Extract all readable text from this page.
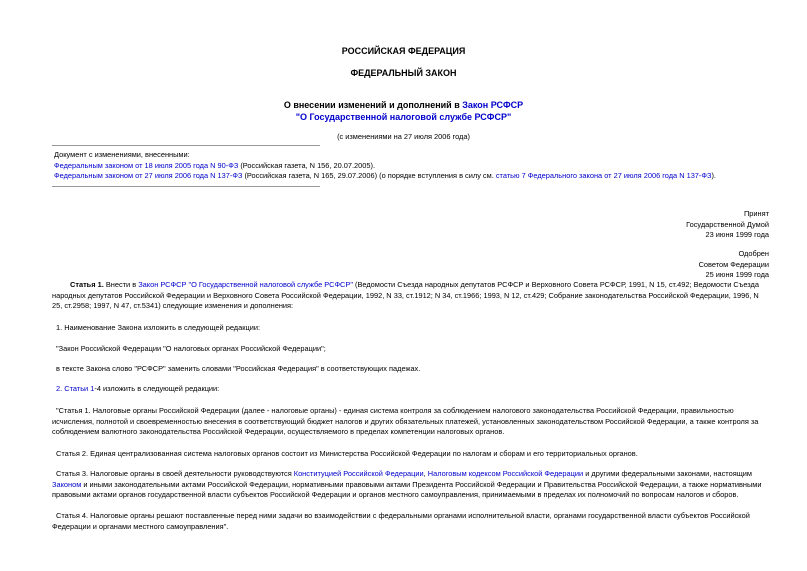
РОССИЙСКАЯ ФЕДЕРАЦИЯ
ФЕДЕРАЛЬНЫЙ ЗАКОН
О внесении изменений и дополнений в Закон РСФСР
"О Государственной налоговой службе РСФСР"
(с изменениями на 27 июля 2006 года)
Документ с изменениями, внесенными:
Федеральным законом от 18 июля 2005 года N 90-ФЗ (Российская газета, N 156, 20.07.2005).
Федеральным законом от 27 июля 2006 года N 137-ФЗ (Российская газета, N 165, 29.07.2006) (о порядке вступления в силу см. статью 7 Федерального закона от 27 июля 2006 года N 137-ФЗ).
Принят
Государственной Думой
23 июня 1999 года
Одобрен
Советом Федерации
25 июня 1999 года
Статья 1. Внести в Закон РСФСР "О Государственной налоговой службе РСФСР" (Ведомости Съезда народных депутатов РСФСР и Верховного Совета РСФСР, 1991, N 15, ст.492; Ведомости Съезда народных депутатов Российской Федерации и Верховного Совета Российской Федерации, 1992, N 33, ст.1912; N 34, ст.1966; 1993, N 12, ст.429; Собрание законодательства Российской Федерации, 1996, N 25, ст.2958; 1997, N 47, ст.5341) следующие изменения и дополнения:
1. Наименование Закона изложить в следующей редакции:
"Закон Российской Федерации "О налоговых органах Российской Федерации";
в тексте Закона слово "РСФСР" заменить словами "Российская Федерация" в соответствующих падежах.
2. Статьи 1-4 изложить в следующей редакции:
"Статья 1. Налоговые органы Российской Федерации (далее - налоговые органы) - единая система контроля за соблюдением налогового законодательства Российской Федерации, правильностью исчисления, полнотой и своевременностью внесения в соответствующий бюджет налогов и других обязательных платежей, установленных законодательством Российской Федерации, а также контроля за соблюдением валютного законодательства Российской Федерации, осуществляемого в пределах компетенции налоговых органов.
Статья 2. Единая централизованная система налоговых органов состоит из Министерства Российской Федерации по налогам и сборам и его территориальных органов.
Статья 3. Налоговые органы в своей деятельности руководствуются Конституцией Российской Федерации, Налоговым кодексом Российской Федерации и другими федеральными законами, настоящим Законом и иными законодательными актами Российской Федерации, нормативными правовыми актами Президента Российской Федерации и Правительства Российской Федерации, а также нормативными правовыми актами органов государственной власти субъектов Российской Федерации и органов местного самоуправления, принимаемыми в пределах их полномочий по вопросам налогов и сборов.
Статья 4. Налоговые органы решают поставленные перед ними задачи во взаимодействии с федеральными органами исполнительной власти, органами государственной власти субъектов Российской Федерации и органами местного самоуправления".
